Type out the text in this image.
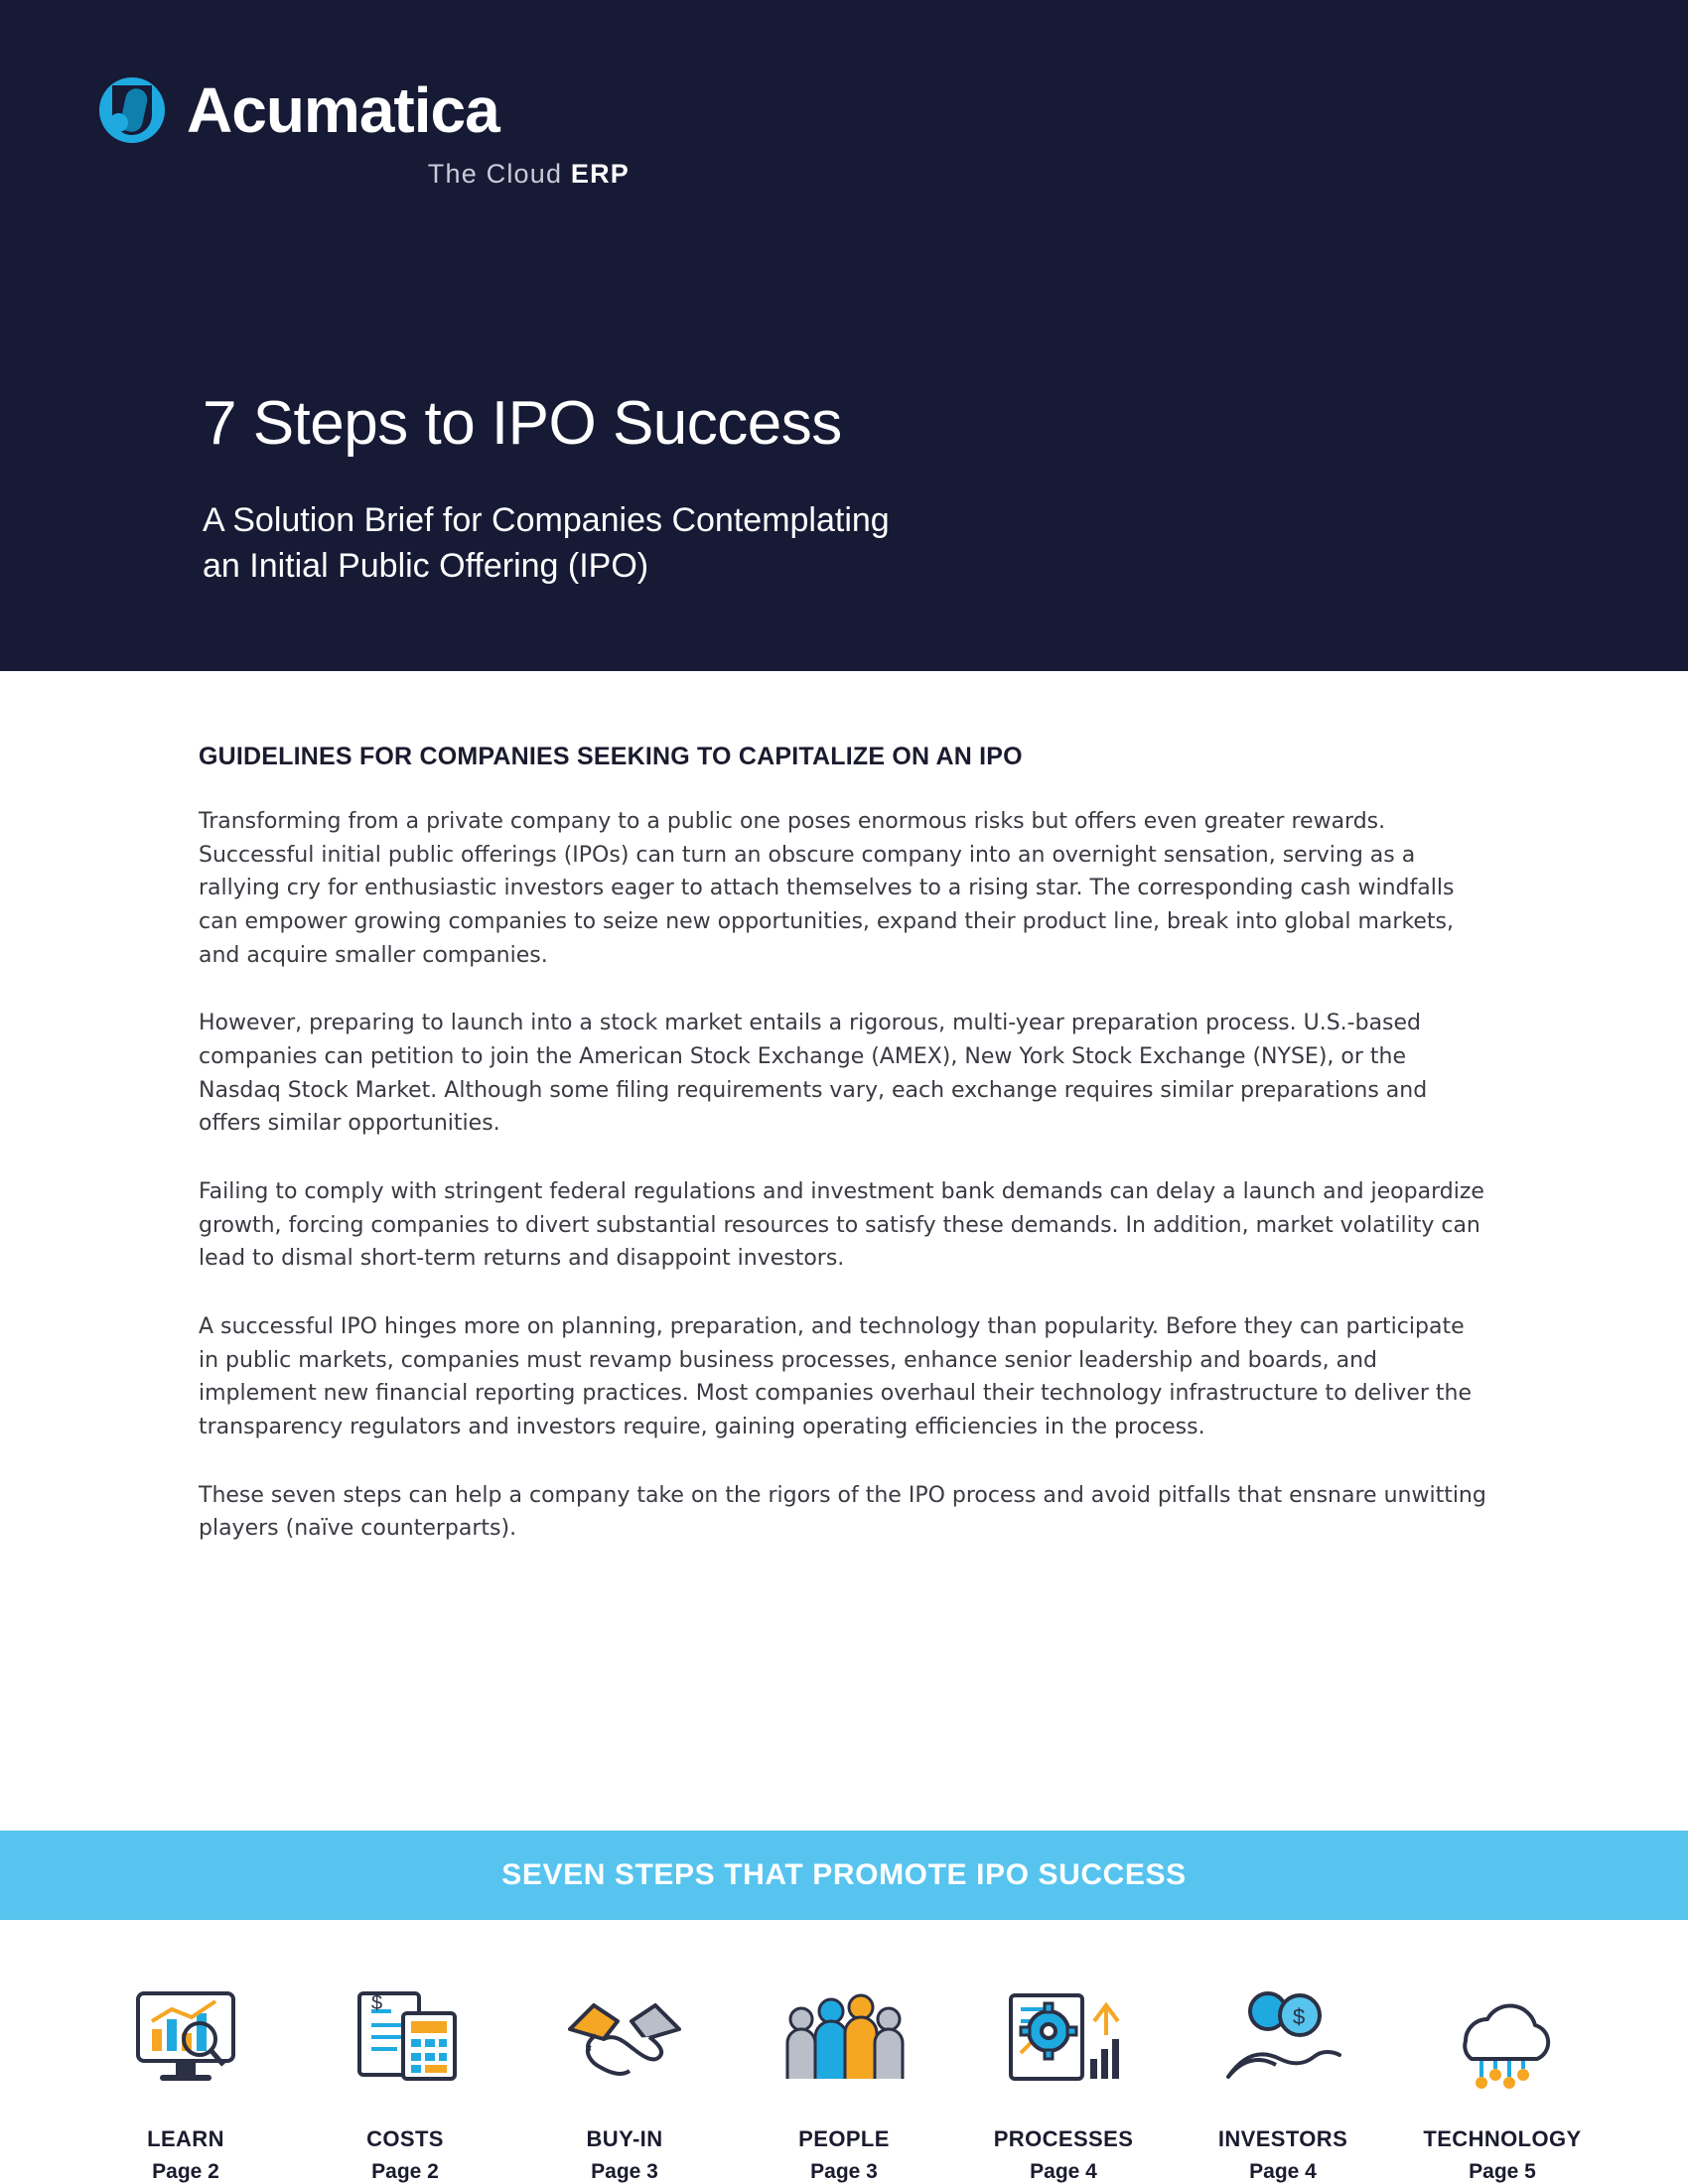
Acumatica
The Cloud ERP
7 Steps to IPO Success
A Solution Brief for Companies Contemplating
an Initial Public Offering (IPO)
GUIDELINES FOR COMPANIES SEEKING TO CAPITALIZE ON AN IPO

Transforming from a private company to a public one poses enormous risks but offers even greater rewards. Successful initial public offerings (IPOs) can turn an obscure company into an overnight sensation, serving as a rallying cry for enthusiastic investors eager to attach themselves to a rising star. The corresponding cash windfalls can empower growing companies to seize new opportunities, expand their product line, break into global markets, and acquire smaller companies.

However, preparing to launch into a stock market entails a rigorous, multi-year preparation process. U.S.-based companies can petition to join the American Stock Exchange (AMEX), New York Stock Exchange (NYSE), or the Nasdaq Stock Market. Although some filing requirements vary, each exchange requires similar preparations and offers similar opportunities.

Failing to comply with stringent federal regulations and investment bank demands can delay a launch and jeopardize growth, forcing companies to divert substantial resources to satisfy these demands. In addition, market volatility can lead to dismal short-term returns and disappoint investors.

A successful IPO hinges more on planning, preparation, and technology than popularity. Before they can participate in public markets, companies must revamp business processes, enhance senior leadership and boards, and implement new financial reporting practices. Most companies overhaul their technology infrastructure to deliver the transparency regulators and investors require, gaining operating efficiencies in the process.

These seven steps can help a company take on the rigors of the IPO process and avoid pitfalls that ensnare unwitting players (naïve counterparts).

SEVEN STEPS THAT PROMOTE IPO SUCCESS
LEARN
Page 2
$
COSTS
Page 2
BUY-IN
Page 3
PEOPLE
Page 3
PROCESSES
Page 4
$
INVESTORS
Page 4
TECHNOLOGY
Page 5
